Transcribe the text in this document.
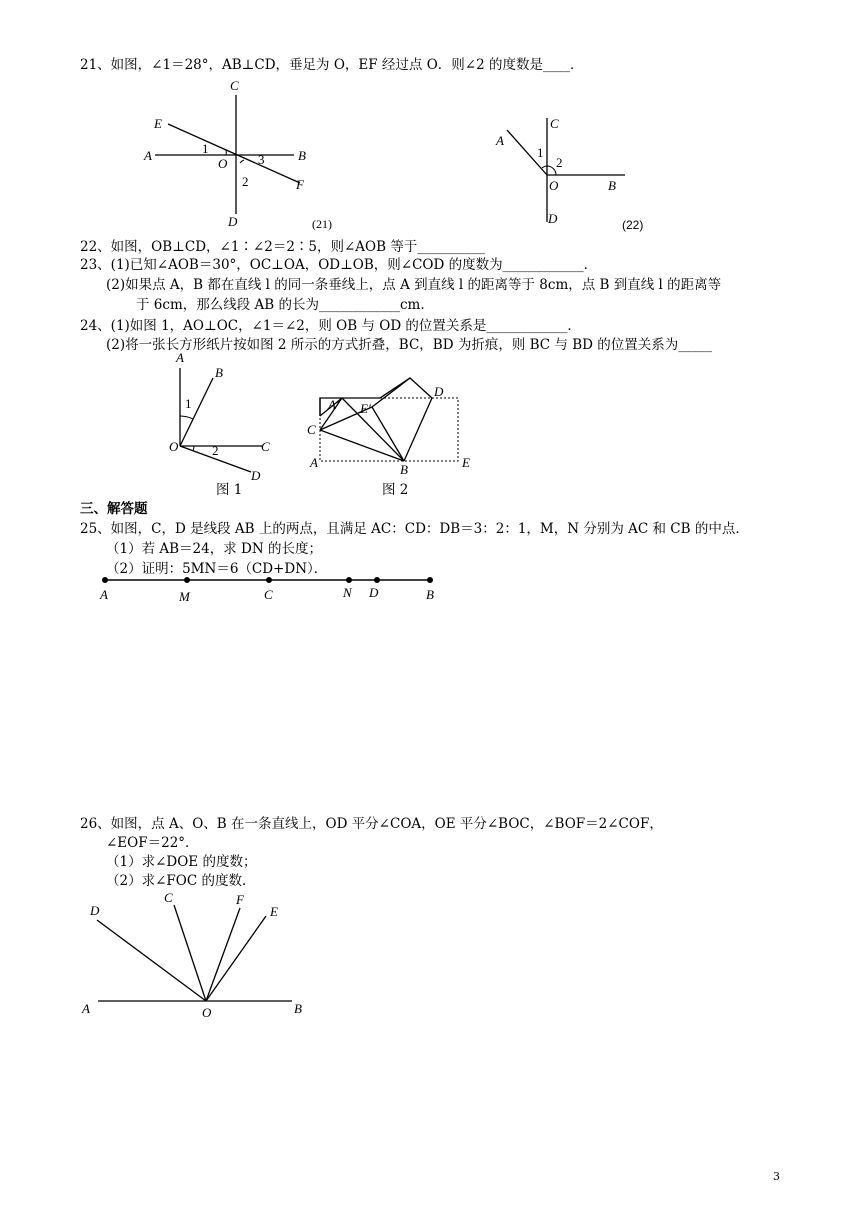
21、如图，∠1＝28°，AB⊥CD，垂足为 O，EF 经过点 O．则∠2 的度数是____．
C
E
A	1
O 3	B
2	F
D	(21)
C
A
1
2
O	B
D	(22)
A
B
1
O	2	C
D
D
A′ E′
C
A	B	E
A	M	C	N D	B
D
C	F
E
A	O	B
22、如图，OB⊥CD，∠1∶∠2＝2∶5，则∠AOB 等于__________
23、(1)已知∠AOB＝30°，OC⊥OA，OD⊥OB，则∠COD 的度数为____________．
(2)如果点 A，B 都在直线 l 的同一条垂线上，点 A 到直线 l 的距离等于 8cm，点 B 到直线 l 的距离等
于 6cm，那么线段 AB 的长为____________cm.
24、(1)如图 1，AO⊥OC，∠1＝∠2，则 OB 与 OD 的位置关系是____________．
(2)将一张长方形纸片按如图 2 所示的方式折叠，BC，BD 为折痕，则 BC 与 BD 的位置关系为_____
图 1	图 2
三、解答题
25、如图，C，D 是线段 AB 上的两点，且满足 AC：CD：DB＝3：2：1，M，N 分别为 AC 和 CB 的中点．
（1）若 AB＝24，求 DN 的长度；
（2）证明：5MN＝6（CD+DN）．
26、如图，点 A、O、B 在一条直线上，OD 平分∠COA，OE 平分∠BOC，∠BOF＝2∠COF，
∠EOF＝22°．
（1）求∠DOE 的度数；
（2）求∠FOC 的度数．
3
